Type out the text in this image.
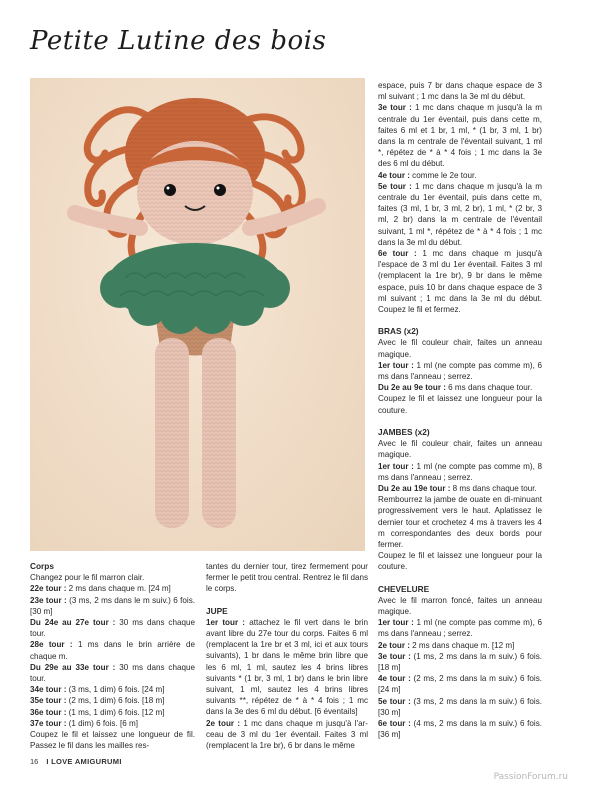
Petite Lutine des bois
Corps

Changez pour le fil marron clair.

22e tour : 2 ms dans chaque m. [24 m]

23e tour : (3 ms, 2 ms dans le m suiv.) 6 fois. [30 m]

Du 24e au 27e tour : 30 ms dans chaque tour.

28e tour : 1 ms dans le brin arrière de chaque m.

Du 29e au 33e tour : 30 ms dans chaque tour.

34e tour : (3 ms, 1 dim) 6 fois. [24 m]

35e tour : (2 ms, 1 dim) 6 fois. [18 m]

36e tour : (1 ms, 1 dim) 6 fois. [12 m]

37e tour : (1 dim) 6 fois. [6 m]

Coupez le fil et laissez une longueur de fil. Passez le fil dans les mailles res-

tantes du dernier tour, tirez fermement pour fermer le petit trou central. Rentrez le fil dans le corps.

JUPE

1er tour : attachez le fil vert dans le brin avant libre du 27e tour du corps. Faites 6 ml (remplacent la 1re br et 3 ml, ici et aux tours suivants), 1 br dans le même brin libre que les 6 ml, 1 ml, sautez les 4 brins libres suivants * (1 br, 3 ml, 1 br) dans le brin libre suivant, 1 ml, sautez les 4 brins libres suivants **, répétez de * à * 4 fois ; 1 mc dans la 3e des 6 ml du début. [6 éventails]

2e tour : 1 mc dans chaque m jusqu'à l'ar-ceau de 3 ml du 1er éventail. Faites 3 ml (remplacent la 1re br), 6 br dans le même

espace, puis 7 br dans chaque espace de 3 ml suivant ; 1 mc dans la 3e ml du début.

3e tour : 1 mc dans chaque m jusqu'à la m centrale du 1er éventail, puis dans cette m, faites 6 ml et 1 br, 1 ml, * (1 br, 3 ml, 1 br) dans la m centrale de l'éventail suivant, 1 ml *, répétez de * à * 4 fois ; 1 mc dans la 3e des 6 ml du début.

4e tour : comme le 2e tour.

5e tour : 1 mc dans chaque m jusqu'à la m centrale du 1er éventail, puis dans cette m, faites (3 ml, 1 br, 3 ml, 2 br), 1 ml, * (2 br, 3 ml, 2 br) dans la m centrale de l'éventail suivant, 1 ml *, répétez de * à * 4 fois ; 1 mc dans la 3e ml du début.

6e tour : 1 mc dans chaque m jusqu'à l'espace de 3 ml du 1er éventail. Faites 3 ml (remplacent la 1re br), 9 br dans le même espace, puis 10 br dans chaque espace de 3 ml suivant ; 1 mc dans la 3e ml du début. Coupez le fil et fermez.

BRAS (x2)

Avec le fil couleur chair, faites un anneau magique.

1er tour : 1 ml (ne compte pas comme m), 6 ms dans l'anneau ; serrez.

Du 2e au 9e tour : 6 ms dans chaque tour.

Coupez le fil et laissez une longueur pour la couture.

JAMBES (x2)

Avec le fil couleur chair, faites un anneau magique.

1er tour : 1 ml (ne compte pas comme m), 8 ms dans l'anneau ; serrez.

Du 2e au 19e tour : 8 ms dans chaque tour.

Rembourrez la jambe de ouate en di-minuant progressivement vers le haut. Aplatissez le dernier tour et crochetez 4 ms à travers les 4 m correspondantes des deux bords pour fermer.

Coupez le fil et laissez une longueur pour la couture.

CHEVELURE

Avec le fil marron foncé, faites un anneau magique.

1er tour : 1 ml (ne compte pas comme m), 6 ms dans l'anneau ; serrez.

2e tour : 2 ms dans chaque m. [12 m]

3e tour : (1 ms, 2 ms dans la m suiv.) 6 fois. [18 m]

4e tour : (2 ms, 2 ms dans la m suiv.) 6 fois. [24 m]

5e tour : (3 ms, 2 ms dans la m suiv.) 6 fois. [30 m]

6e tour : (4 ms, 2 ms dans la m suiv.) 6 fois. [36 m]

16 I LOVE AMIGURUMI
PassionForum.ru
